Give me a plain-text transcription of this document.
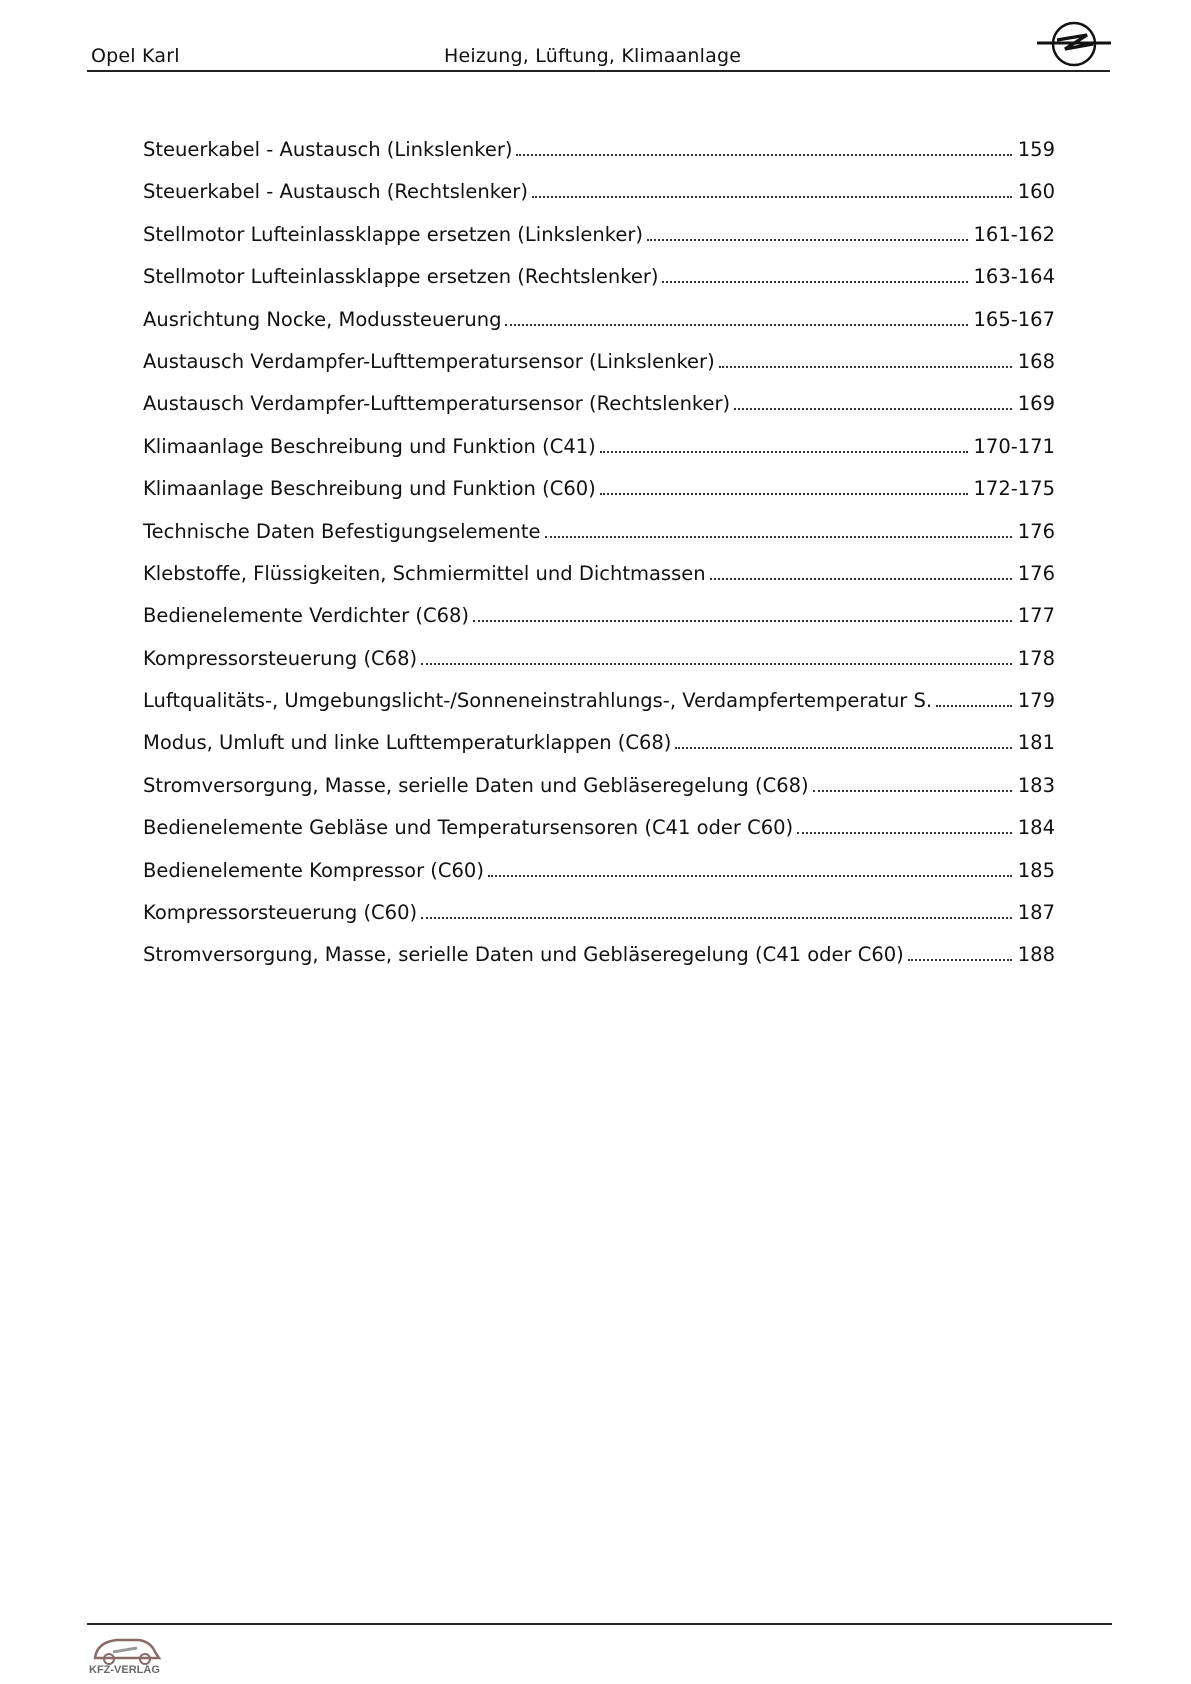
Opel Karl	Heizung, Lüftung, Klimaanlage
Steuerkabel - Austausch (Linkslenker)	159
Steuerkabel - Austausch (Rechtslenker)	160
Stellmotor Lufteinlassklappe ersetzen (Linkslenker)	161-162
Stellmotor Lufteinlassklappe ersetzen (Rechtslenker)	163-164
Ausrichtung Nocke, Modussteuerung	165-167
Austausch Verdampfer-Lufttemperatursensor (Linkslenker)	168
Austausch Verdampfer-Lufttemperatursensor (Rechtslenker)	169
Klimaanlage Beschreibung und Funktion (C41)	170-171
Klimaanlage Beschreibung und Funktion (C60)	172-175
Technische Daten Befestigungselemente	176
Klebstoffe, Flüssigkeiten, Schmiermittel und Dichtmassen	176
Bedienelemente Verdichter (C68)	177
Kompressorsteuerung (C68)	178
Luftqualitäts-, Umgebungslicht-/Sonneneinstrahlungs-, Verdampfertemperatur S.	179
Modus, Umluft und linke Lufttemperaturklappen (C68)	181
Stromversorgung, Masse, serielle Daten und Gebläseregelung (C68)	183
Bedienelemente Gebläse und Temperatursensoren (C41 oder C60)	184
Bedienelemente Kompressor (C60)	185
Kompressorsteuerung (C60)	187
Stromversorgung, Masse, serielle Daten und Gebläseregelung (C41 oder C60)	188
KFZ-VERLAG
